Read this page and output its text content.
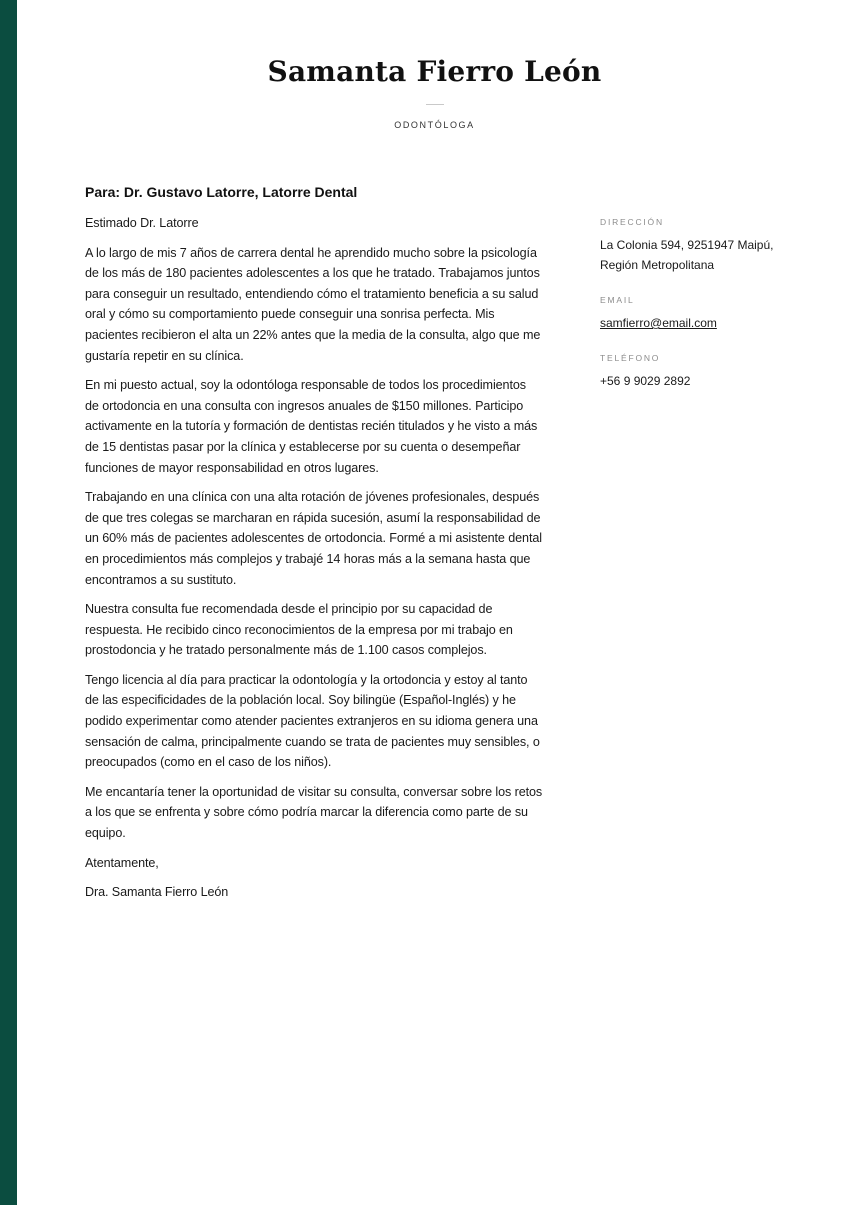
Samanta Fierro León
ODONTÓLOGA

Para: Dr. Gustavo Latorre, Latorre Dental

Estimado Dr. Latorre

A lo largo de mis 7 años de carrera dental he aprendido mucho sobre la psicología de los más de 180 pacientes adolescentes a los que he tratado. Trabajamos juntos para conseguir un resultado, entendiendo cómo el tratamiento beneficia a su salud oral y cómo su comportamiento puede conseguir una sonrisa perfecta. Mis pacientes recibieron el alta un 22% antes que la media de la consulta, algo que me gustaría repetir en su clínica.

En mi puesto actual, soy la odontóloga responsable de todos los procedimientos de ortodoncia en una consulta con ingresos anuales de $150 millones. Participo activamente en la tutoría y formación de dentistas recién titulados y he visto a más de 15 dentistas pasar por la clínica y establecerse por su cuenta o desempeñar funciones de mayor responsabilidad en otros lugares.

Trabajando en una clínica con una alta rotación de jóvenes profesionales, después de que tres colegas se marcharan en rápida sucesión, asumí la responsabilidad de un 60% más de pacientes adolescentes de ortodoncia. Formé a mi asistente dental en procedimientos más complejos y trabajé 14 horas más a la semana hasta que encontramos a su sustituto.

Nuestra consulta fue recomendada desde el principio por su capacidad de respuesta. He recibido cinco reconocimientos de la empresa por mi trabajo en prostodoncia y he tratado personalmente más de 1.100 casos complejos.

Tengo licencia al día para practicar la odontología y la ortodoncia y estoy al tanto de las especificidades de la población local. Soy bilingüe (Español-Inglés) y he podido experimentar como atender pacientes extranjeros en su idioma genera una sensación de calma, principalmente cuando se trata de pacientes muy sensibles, o preocupados (como en el caso de los niños).

Me encantaría tener la oportunidad de visitar su consulta, conversar sobre los retos a los que se enfrenta y sobre cómo podría marcar la diferencia como parte de su equipo.

Atentamente,

Dra. Samanta Fierro León

DIRECCIÓN
La Colonia 594, 9251947 Maipú,
Región Metropolitana
EMAIL
samfierro@email.com
TELÉFONO
+56 9 9029 2892
